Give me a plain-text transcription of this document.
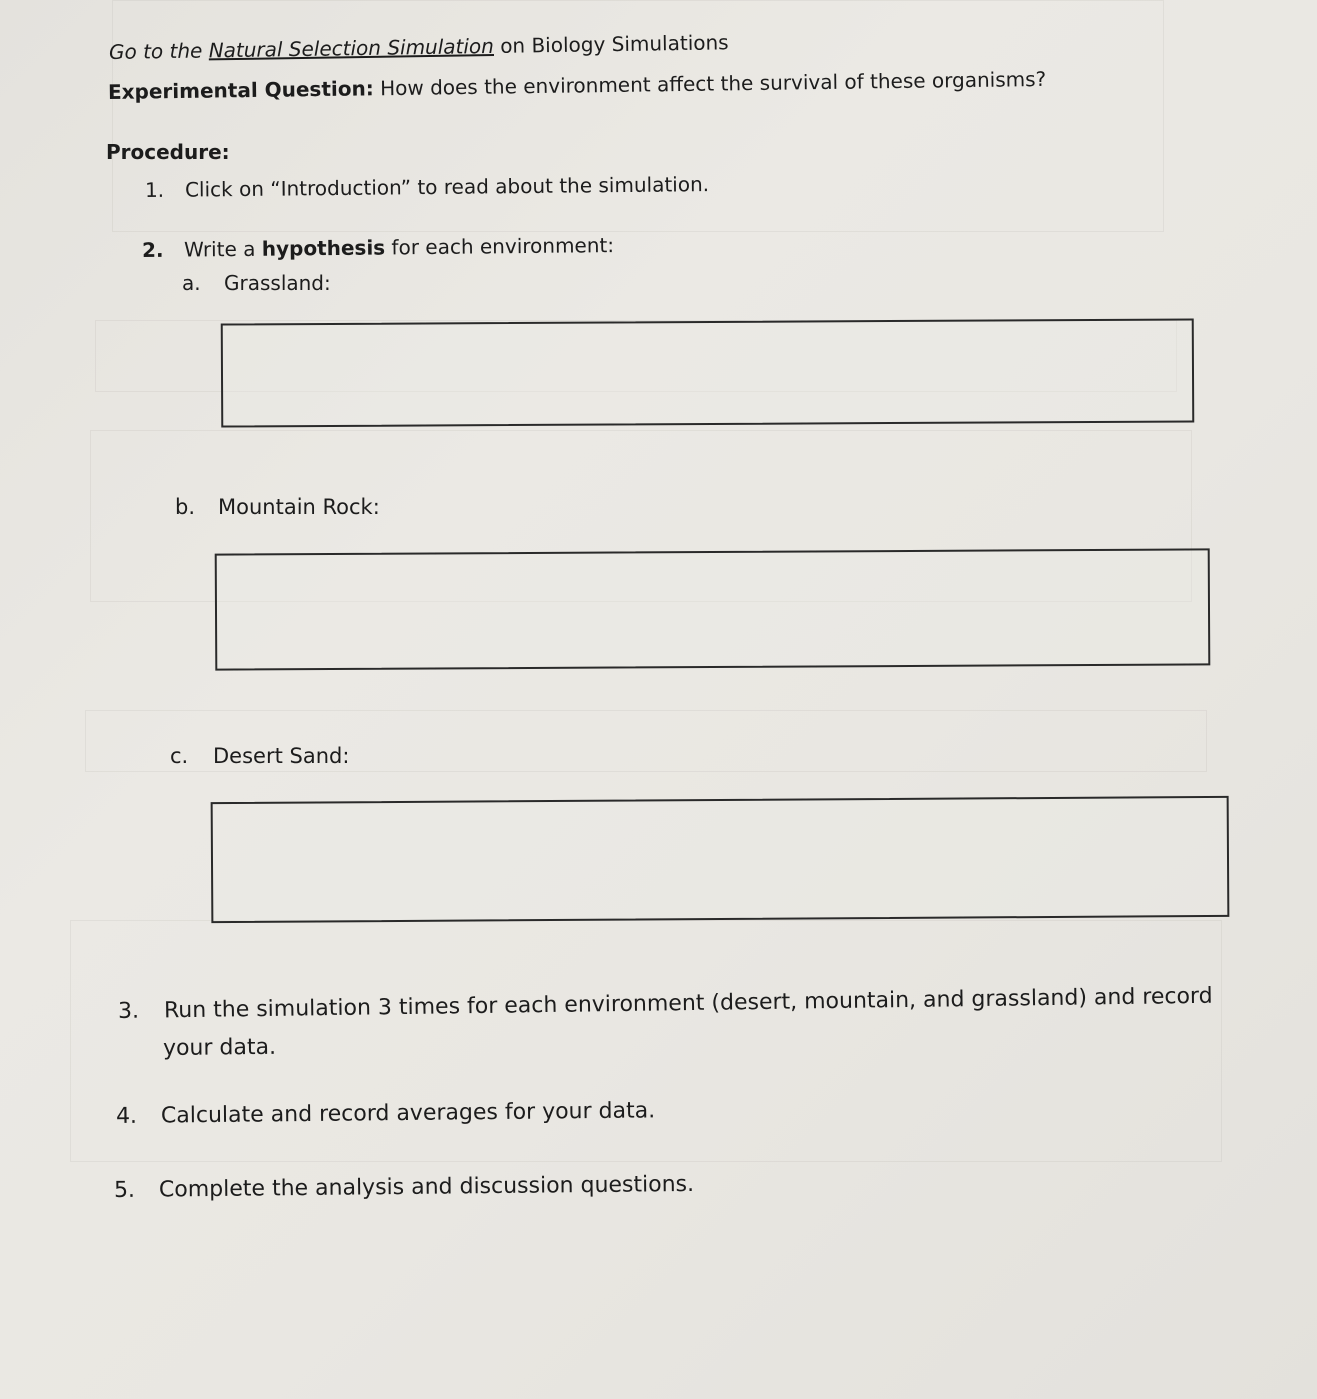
Go to the Natural Selection Simulation on Biology Simulations
Experimental Question: How does the environment affect the survival of these organisms?
Procedure:
1. Click on “Introduction” to read about the simulation.
2. Write a hypothesis for each environment:
a. Grassland:
b. Mountain Rock:
c. Desert Sand:
3. Run the simulation 3 times for each environment (desert, mountain, and grassland) and record
your data.
4. Calculate and record averages for your data.
5. Complete the analysis and discussion questions.
